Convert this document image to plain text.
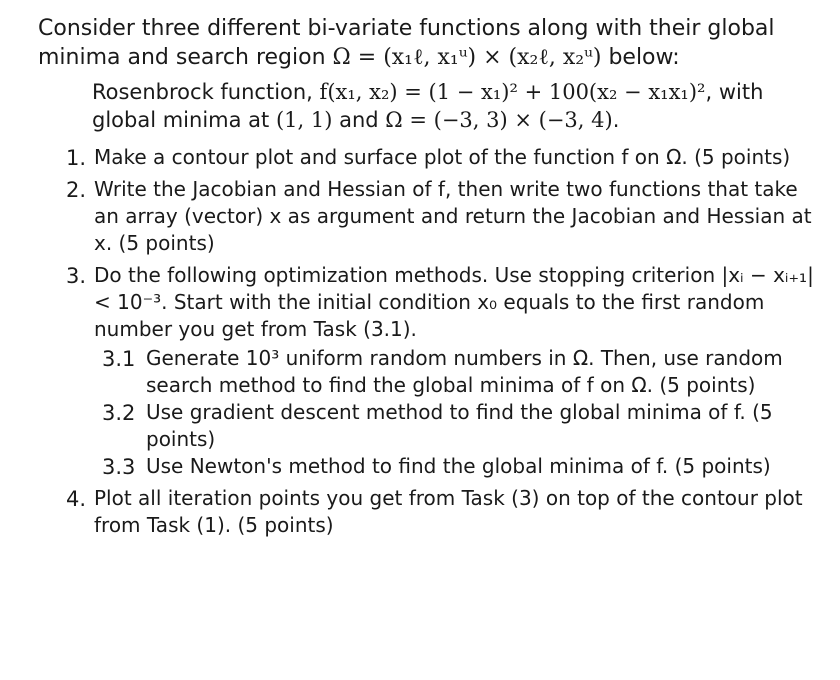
Consider three different bi-variate functions along with their global

minima and search region Ω = (x₁ℓ, x₁ᵘ) × (x₂ℓ, x₂ᵘ) below:

Rosenbrock function, f(x₁, x₂) = (1 − x₁)² + 100(x₂ − x₁x₁)², with

global minima at (1, 1) and Ω = (−3, 3) × (−3, 4).

1. Make a contour plot and surface plot of the function f on Ω. (5 points)

2. Write the Jacobian and Hessian of f, then write two functions that take an array (vector) x as argument and return the Jacobian and Hessian at x. (5 points)

3. Do the following optimization methods. Use stopping criterion |xᵢ − xᵢ₊₁| < 10⁻³. Start with the initial condition x₀ equals to the first random number you get from Task (3.1).

3.1 Generate 10³ uniform random numbers in Ω. Then, use random search method to find the global minima of f on Ω. (5 points)

3.2 Use gradient descent method to find the global minima of f. (5 points)

3.3 Use Newton's method to find the global minima of f. (5 points)

4. Plot all iteration points you get from Task (3) on top of the contour plot from Task (1). (5 points)
